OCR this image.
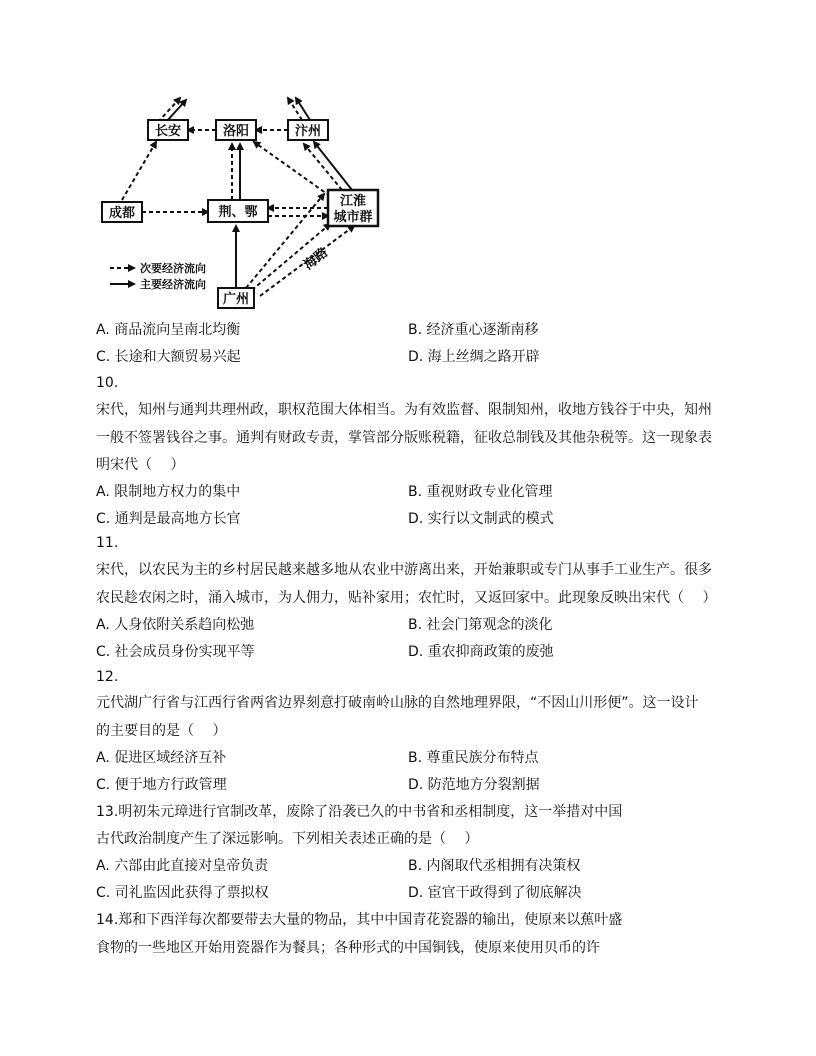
长安	洛阳	汴州
成都	荆、鄂
江淮
城市群
广州
海路
次要经济流向
主要经济流向
A. 商品流向呈南北均衡	B. 经济重心逐渐南移
C. 长途和大额贸易兴起	D. 海上丝绸之路开辟
10.
宋代，知州与通判共理州政，职权范围大体相当。为有效监督、限制知州，收地方钱谷于中央，知州
一般不签署钱谷之事。通判有财政专责，掌管部分版账税籍，征收总制钱及其他杂税等。这一现象表
明宋代（　 ）
A. 限制地方权力的集中	B. 重视财政专业化管理
C. 通判是最高地方长官	D. 实行以文制武的模式
11.
宋代，以农民为主的乡村居民越来越多地从农业中游离出来，开始兼职或专门从事手工业生产。很多
农民趁农闲之时，涌入城市，为人佣力，贴补家用；农忙时，又返回家中。此现象反映出宋代（　 ）
A. 人身依附关系趋向松弛	B. 社会门第观念的淡化
C. 社会成员身份实现平等	D. 重农抑商政策的废弛
12.
元代湖广行省与江西行省两省边界刻意打破南岭山脉的自然地理界限，“不因山川形便”。这一设计
的主要目的是（　 ）
A. 促进区域经济互补	B. 尊重民族分布特点
C. 便于地方行政管理	D. 防范地方分裂割据
13.明初朱元璋进行官制改革，废除了沿袭已久的中书省和丞相制度，这一举措对中国
古代政治制度产生了深远影响。下列相关表述正确的是（　 ）
A. 六部由此直接对皇帝负责	B. 内阁取代丞相拥有决策权
C. 司礼监因此获得了票拟权	D. 宦官干政得到了彻底解决
14.郑和下西洋每次都要带去大量的物品，其中中国青花瓷器的输出，使原来以蕉叶盛
食物的一些地区开始用瓷器作为餐具；各种形式的中国铜钱，使原来使用贝币的许
